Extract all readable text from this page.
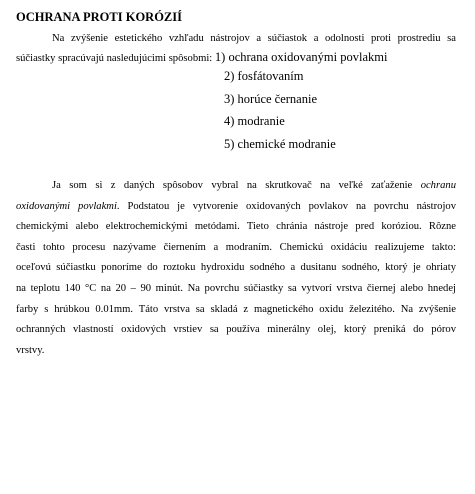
OCHRANA PROTI KORÓZIÍ
Na zvýšenie estetického vzhľadu nástrojov a súčiastok a odolnosti proti prostrediu sa
súčiastky spracúvajú nasledujúcimi spôsobmi: 1) ochrana oxidovanými povlakmi
2) fosfátovaním
3) horúce černanie
4) modranie
5) chemické modranie
Ja som si z daných spôsobov vybral na skrutkovač na veľké zaťaženie ochranu
oxidovanými povlakmi. Podstatou je vytvorenie oxidovaných povlakov na povrchu nástrojov
chemickými alebo elektrochemickými metódami. Tieto chránia nástroje pred koróziou. Rôzne
časti tohto procesu nazývame čiernením a modraním. Chemickú oxidáciu realizujeme takto:
oceľovú súčiastku ponoríme do roztoku hydroxidu sodného a dusitanu sodného, ktorý je ohriaty
na teplotu 140 °C na 20 – 90 minút. Na povrchu súčiastky sa vytvorí vrstva čiernej alebo hnedej
farby s hrúbkou 0.01mm. Táto vrstva sa skladá z magnetického oxidu železitého. Na zvýšenie
ochranných vlastností oxidových vrstiev sa používa minerálny olej, ktorý preniká do pórov
vrstvy.
